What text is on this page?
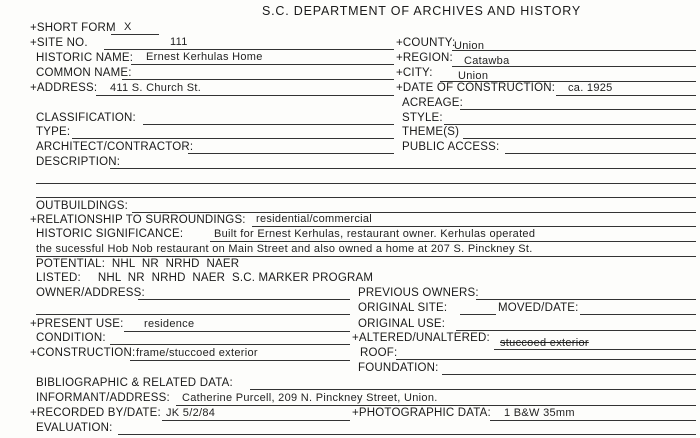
S.C. DEPARTMENT OF ARCHIVES AND HISTORY
+SHORT FORM X
+SITE NO.	111	+COUNTY:
Union
HISTORIC NAME: Ernest Kerhulas Home	+REGION: Catawba
COMMON NAME:	+CITY: Union
+ADDRESS: 411 S. Church St.	+DATE OF CONSTRUCTION: ca. 1925
ACREAGE:
CLASSIFICATION:	STYLE:
TYPE:	THEME(S)
ARCHITECT/CONTRACTOR:	PUBLIC ACCESS:
DESCRIPTION:
OUTBUILDINGS:
+RELATIONSHIP TO SURROUNDINGS: residential/commercial
HISTORIC SIGNIFICANCE:	Built for Ernest Kerhulas, restaurant owner. Kerhulas operated
the sucessful Hob Nob restaurant on Main Street and also owned a home at 207 S. Pinckney St.
POTENTIAL:  NHL  NR  NRHD  NAER
LISTED:     NHL  NR  NRHD  NAER  S.C. MARKER PROGRAM
OWNER/ADDRESS:	PREVIOUS OWNERS:
ORIGINAL SITE:	MOVED/DATE:
+PRESENT USE: residence	ORIGINAL USE:
CONDITION:	+ALTERED/UNALTERED: stuccoed exterior
+CONSTRUCTION: frame/stuccoed exterior	ROOF:
FOUNDATION:
BIBLIOGRAPHIC & RELATED DATA:
INFORMANT/ADDRESS: Catherine Purcell, 209 N. Pinckney Street, Union.
+RECORDED BY/DATE: JK 5/2/84	+PHOTOGRAPHIC DATA: 1 B&W 35mm
EVALUATION:
